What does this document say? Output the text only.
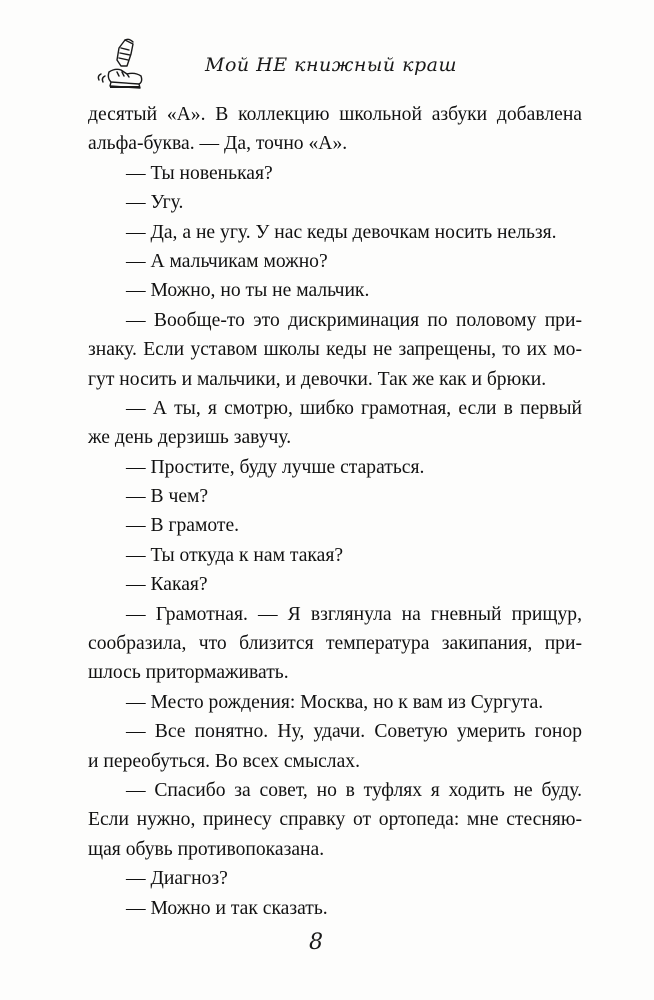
Мой НЕ книжный краш
десятый «А». В коллекцию школьной азбуки добавлена
альфа-буква. — Да, точно «А».
— Ты новенькая?
— Угу.
— Да, а не угу. У нас кеды девочкам носить нельзя.
— А мальчикам можно?
— Можно, но ты не мальчик.
— Вообще-то это дискриминация по половому при-
знаку. Если уставом школы кеды не запрещены, то их мо-
гут носить и мальчики, и девочки. Так же как и брюки.
— А ты, я смотрю, шибко грамотная, если в первый
же день дерзишь завучу.
— Простите, буду лучше стараться.
— В чем?
— В грамоте.
— Ты откуда к нам такая?
— Какая?
— Грамотная. — Я взглянула на гневный прищур,
сообразила, что близится температура закипания, при-
шлось притормаживать.
— Место рождения: Москва, но к вам из Сургута.
— Все понятно. Ну, удачи. Советую умерить гонор
и переобуться. Во всех смыслах.
— Спасибо за совет, но в туфлях я ходить не буду.
Если нужно, принесу справку от ортопеда: мне стесняю-
щая обувь противопоказана.
— Диагноз?
— Можно и так сказать.
8
